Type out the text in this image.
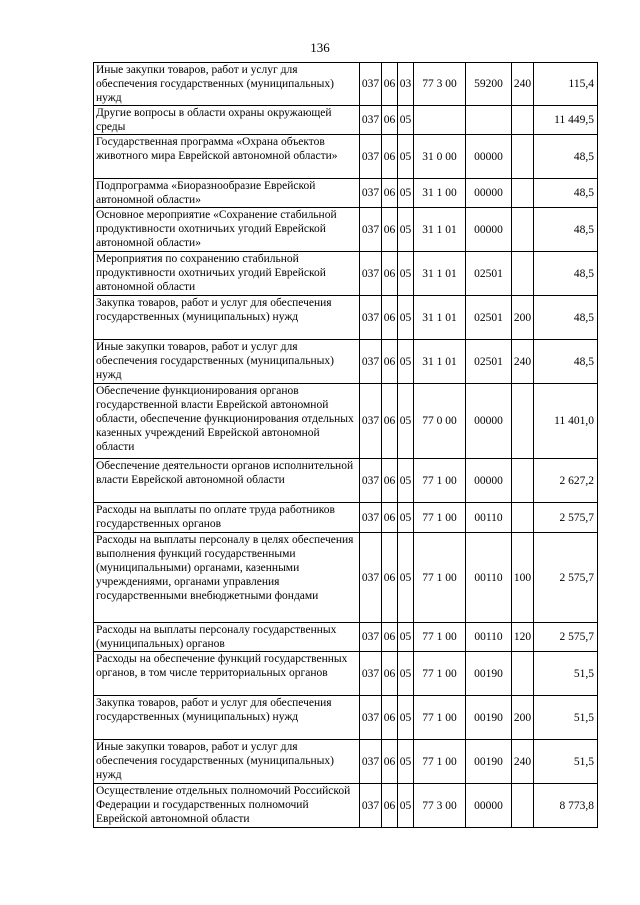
136
Иные закупки товаров, работ и услуг для обеспечения государственных (муниципальных) нужд	037	06	03	77 3 00	59200	240	115,4
Другие вопросы в области охраны окружающей среды	037	06	05				11 449,5
Государственная программа «Охрана объектов животного мира Еврейской автономной области»	037	06	05	31 0 00	00000		48,5
Подпрограмма «Биоразнообразие Еврейской автономной области»	037	06	05	31 1 00	00000		48,5
Основное мероприятие «Сохранение стабильной продуктивности охотничьих угодий Еврейской автономной области»	037	06	05	31 1 01	00000		48,5
Мероприятия по сохранению стабильной продуктивности охотничьих угодий Еврейской автономной области	037	06	05	31 1 01	02501		48,5
Закупка товаров, работ и услуг для обеспечения государственных (муниципальных) нужд	037	06	05	31 1 01	02501	200	48,5
Иные закупки товаров, работ и услуг для обеспечения государственных (муниципальных) нужд	037	06	05	31 1 01	02501	240	48,5
Обеспечение функционирования органов государственной власти Еврейской автономной области, обеспечение функционирования отдельных казенных учреждений Еврейской автономной области	037	06	05	77 0 00	00000		11 401,0
Обеспечение деятельности органов исполнительной власти Еврейской автономной области	037	06	05	77 1 00	00000		2 627,2
Расходы на выплаты по оплате труда работников государственных органов	037	06	05	77 1 00	00110		2 575,7
Расходы на выплаты персоналу в целях обеспечения выполнения функций государственными (муниципальными) органами, казенными учреждениями, органами управления государственными внебюджетными фондами	037	06	05	77 1 00	00110	100	2 575,7
Расходы на выплаты персоналу государственных (муниципальных) органов	037	06	05	77 1 00	00110	120	2 575,7
Расходы на обеспечение функций государственных органов, в том числе территориальных органов	037	06	05	77 1 00	00190		51,5
Закупка товаров, работ и услуг для обеспечения государственных (муниципальных) нужд	037	06	05	77 1 00	00190	200	51,5
Иные закупки товаров, работ и услуг для обеспечения государственных (муниципальных) нужд	037	06	05	77 1 00	00190	240	51,5
Осуществление отдельных полномочий Российской Федерации и государственных полномочий Еврейской автономной области	037	06	05	77 3 00	00000		8 773,8
